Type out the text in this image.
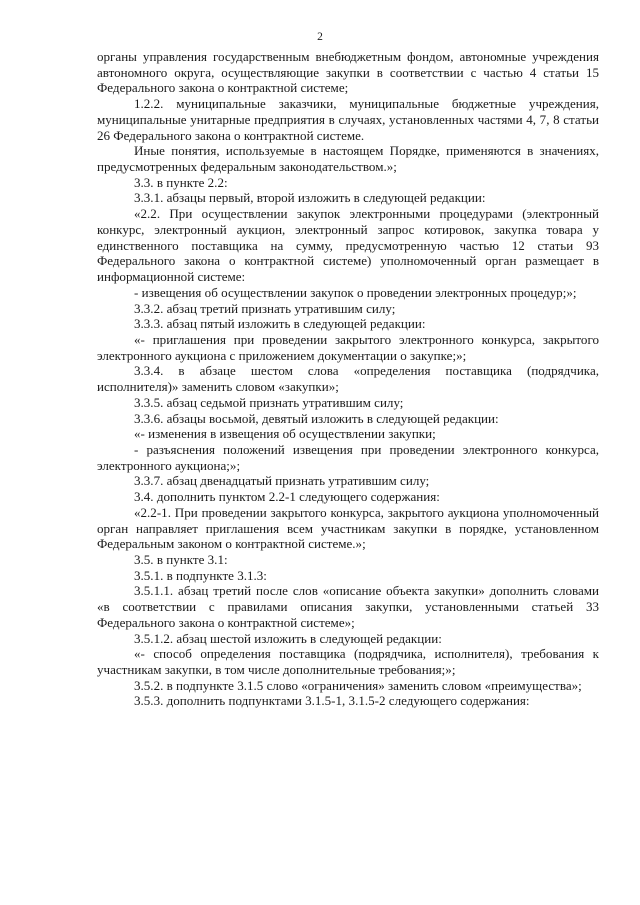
2

органы управления государственным внебюджетным фондом, автономные учреждения автономного округа, осуществляющие закупки в соответствии с частью 4 статьи 15 Федерального закона о контрактной системе;

1.2.2. муниципальные заказчики, муниципальные бюджетные учреждения, муниципальные унитарные предприятия в случаях, установленных частями 4, 7, 8 статьи 26 Федерального закона о контрактной системе.

Иные понятия, используемые в настоящем Порядке, применяются в значениях, предусмотренных федеральным законодательством.»;

3.3. в пункте 2.2:

3.3.1. абзацы первый, второй изложить в следующей редакции:

«2.2. При осуществлении закупок электронными процедурами (электронный конкурс, электронный аукцион, электронный запрос котировок, закупка товара у единственного поставщика на сумму, предусмотренную частью 12 статьи 93 Федерального закона о контрактной системе) уполномоченный орган размещает в информационной системе:

- извещения об осуществлении закупок о проведении электронных процедур;»;

3.3.2. абзац третий признать утратившим силу;

3.3.3. абзац пятый изложить в следующей редакции:

«- приглашения при проведении закрытого электронного конкурса, закрытого электронного аукциона с приложением документации о закупке;»;

3.3.4. в абзаце шестом слова «определения поставщика (подрядчика, исполнителя)» заменить словом «закупки»;

3.3.5. абзац седьмой признать утратившим силу;

3.3.6. абзацы восьмой, девятый изложить в следующей редакции:

«- изменения в извещения об осуществлении закупки;

- разъяснения положений извещения при проведении электронного конкурса, электронного аукциона;»;

3.3.7. абзац двенадцатый признать утратившим силу;

3.4. дополнить пунктом 2.2-1 следующего содержания:

«2.2-1. При проведении закрытого конкурса, закрытого аукциона уполномоченный орган направляет приглашения всем участникам закупки в порядке, установленном Федеральным законом о контрактной системе.»;

3.5. в пункте 3.1:

3.5.1. в подпункте 3.1.3:

3.5.1.1. абзац третий после слов «описание объекта закупки» дополнить словами «в соответствии с правилами описания закупки, установленными статьей 33 Федерального закона о контрактной системе»;

3.5.1.2. абзац шестой изложить в следующей редакции:

«- способ определения поставщика (подрядчика, исполнителя), требования к участникам закупки, в том числе дополнительные требования;»;

3.5.2. в подпункте 3.1.5 слово «ограничения» заменить словом «преимущества»;

3.5.3. дополнить подпунктами 3.1.5-1, 3.1.5-2 следующего содержания:
